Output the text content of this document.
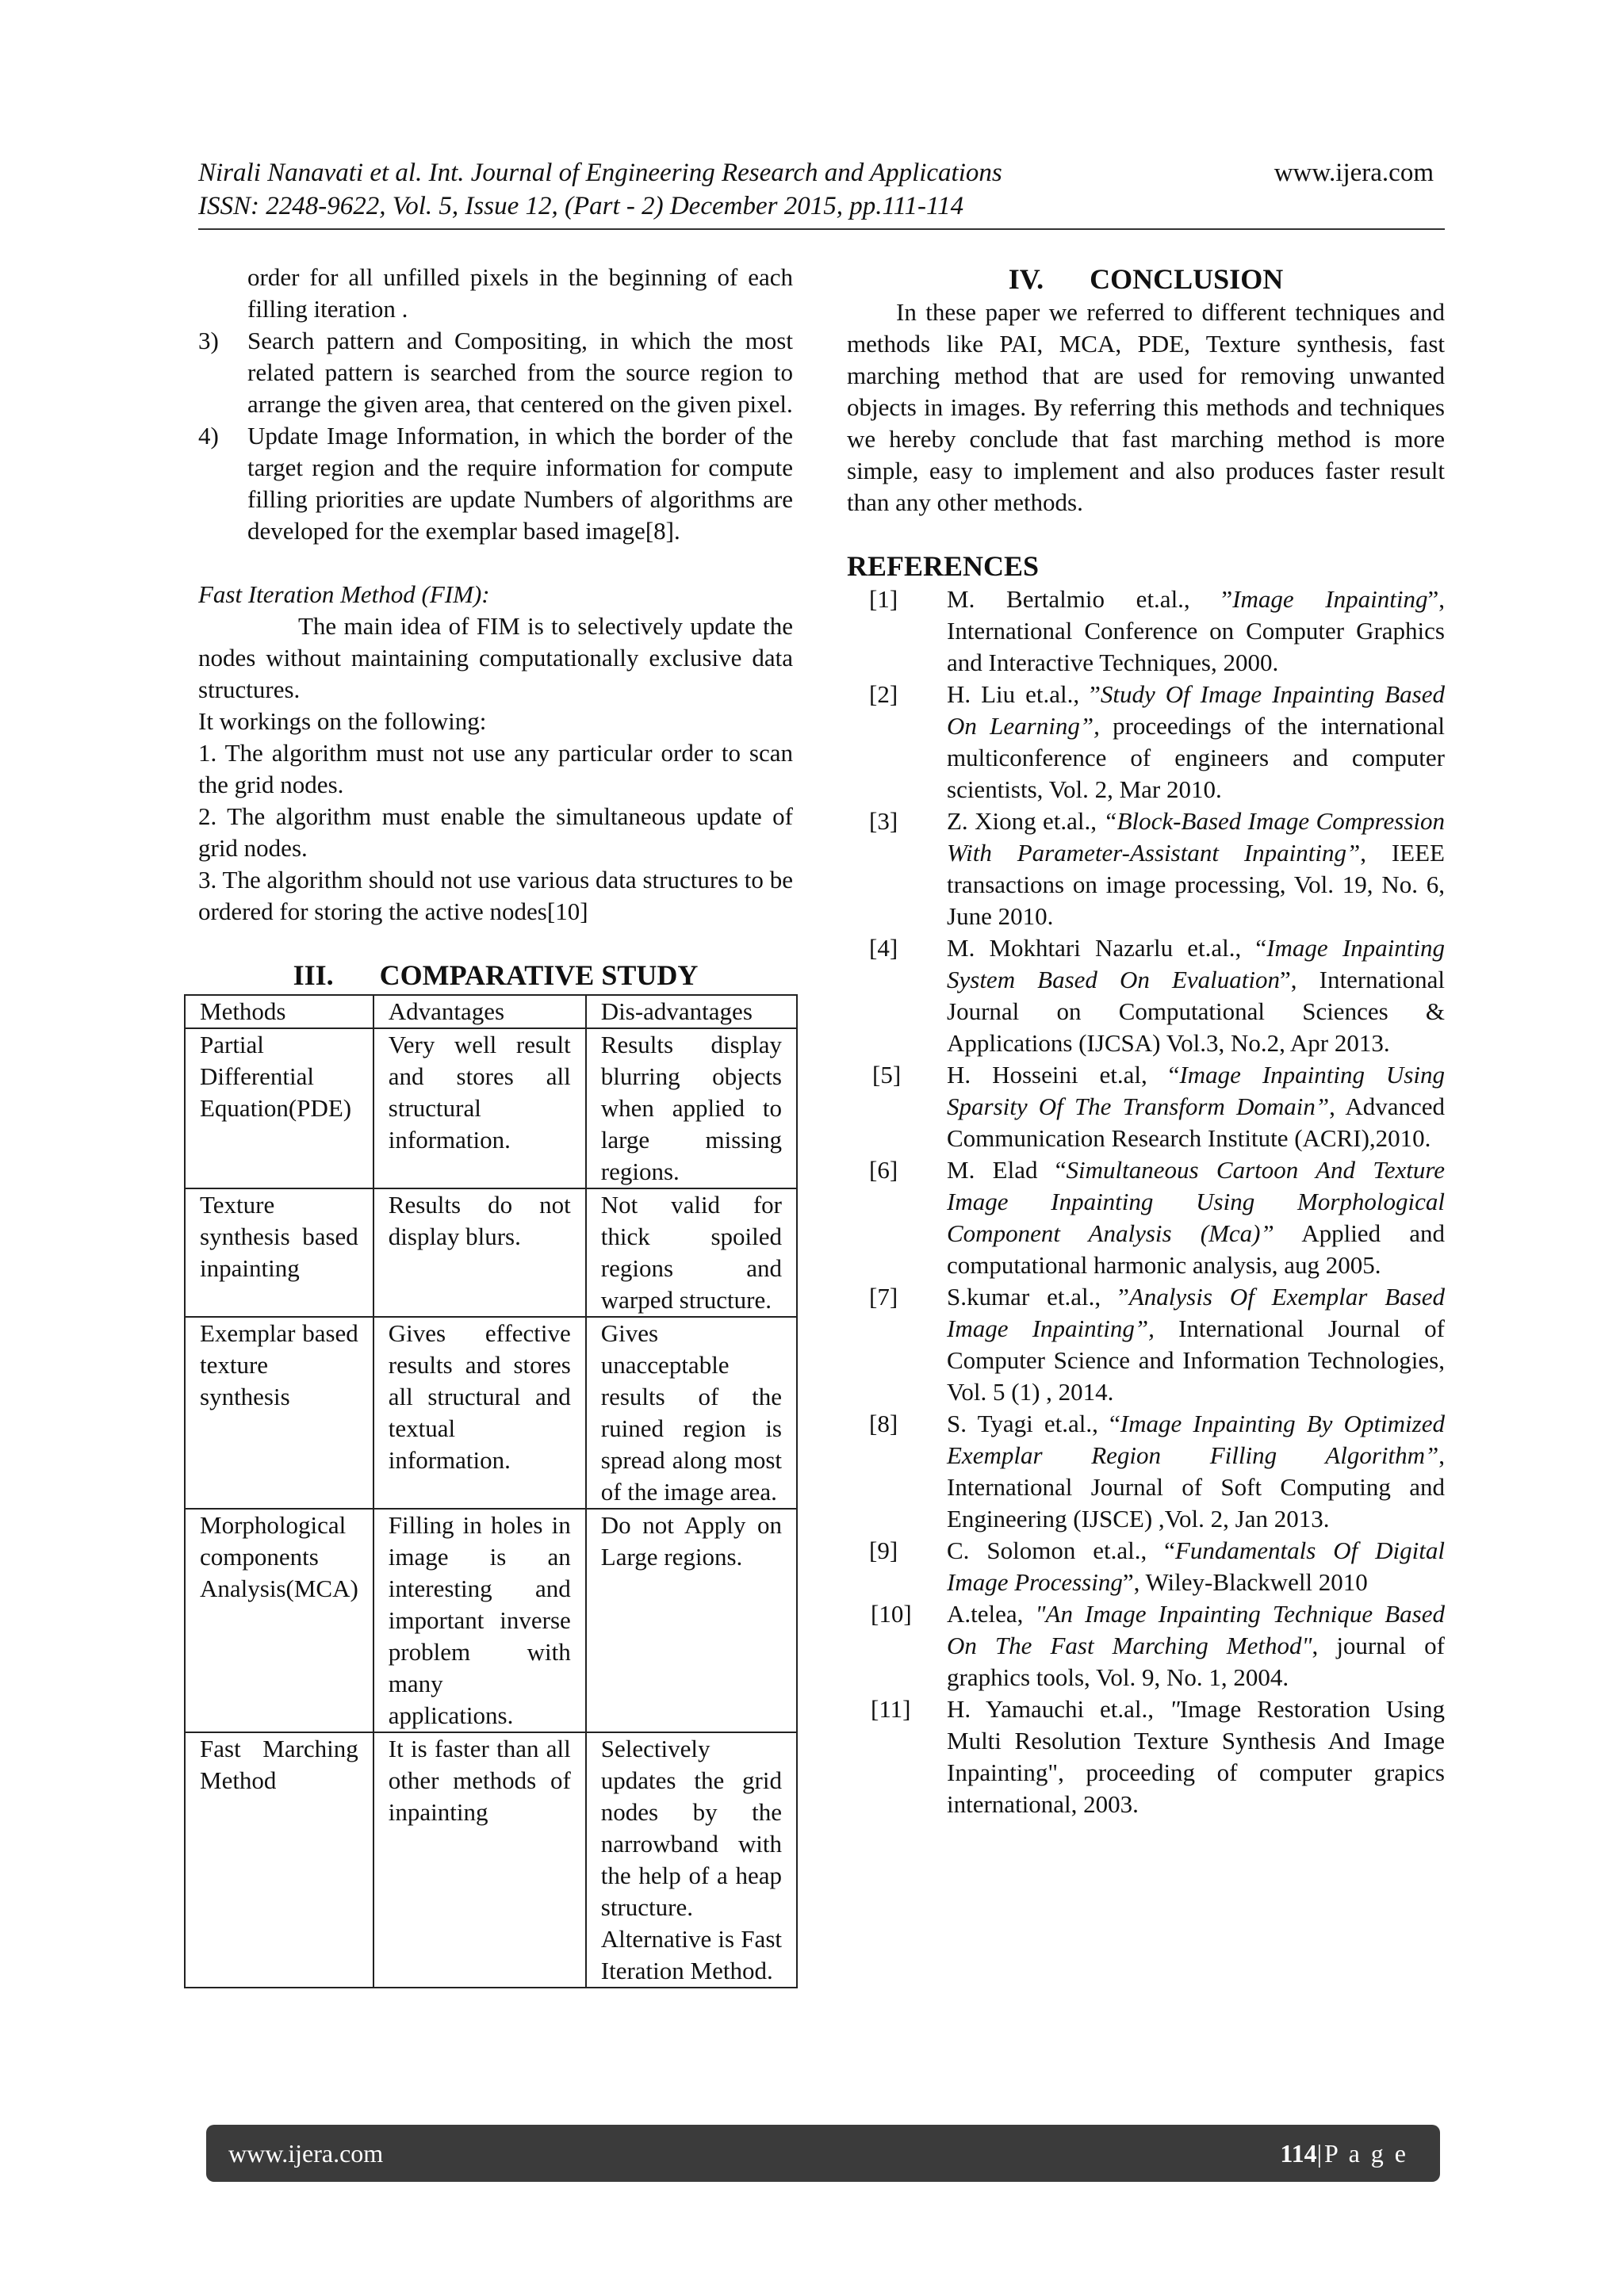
Nirali Nanavati et al. Int. Journal of Engineering Research and Applications	www.ijera.com
ISSN: 2248-9622, Vol. 5, Issue 12, (Part - 2) December 2015, pp.111-114

order for all unfilled pixels in the beginning of each filling iteration .

3) Search pattern and Compositing, in which the most related pattern is searched from the source region to arrange the given area, that centered on the given pixel.
4) Update Image Information, in which the border of the target region and the require information for compute filling priorities are update Numbers of algorithms are developed for the exemplar based image[8].

Fast Iteration Method (FIM):

The main idea of FIM is to selectively update the nodes without maintaining computationally exclusive data structures.

It workings on the following:

1. The algorithm must not use any particular order to scan the grid nodes.

2. The algorithm must enable the simultaneous update of grid nodes.

3. The algorithm should not use various data structures to be ordered for storing the active nodes[10]

III. COMPARATIVE STUDY
Methods	Advantages	Dis-advantages
Partial Differential Equation(PDE)	Very well result and stores all structural information.	Results display blurring objects when applied to large missing regions.
Texture synthesis based inpainting	Results do not display blurs.	Not valid for thick spoiled regions and warped structure.
Exemplar based texture synthesis	Gives effective results and stores all structural and textual information.	Gives unacceptable results of the ruined region is spread along most of the image area.
Morphological components Analysis(MCA)	Filling in holes in image is an interesting and important inverse problem with many applications.	Do not Apply on Large regions.
Fast Marching Method	It is faster than all other methods of inpainting	Selectively updates the grid nodes by the narrowband with the help of a heap structure. Alternative is Fast Iteration Method.
IV. CONCLUSION

In these paper we referred to different techniques and methods like PAI, MCA, PDE, Texture synthesis, fast marching method that are used for removing unwanted objects in images. By referring this methods and techniques we hereby conclude that fast marching method is more simple, easy to implement and also produces faster result than any other methods.

REFERENCES
[1] M. Bertalmio et.al., ”Image Inpainting”, International Conference on Computer Graphics and Interactive Techniques, 2000.
[2] H. Liu et.al., ”Study Of Image Inpainting Based On Learning”, proceedings of the international multiconference of engineers and computer scientists, Vol. 2, Mar 2010.
[3] Z. Xiong et.al., “Block-Based Image Compression With Parameter-Assistant Inpainting”, IEEE transactions on image processing, Vol. 19, No. 6, June 2010.
[4] M. Mokhtari Nazarlu et.al., “Image Inpainting System Based On Evaluation”, International Journal on Computational Sciences & Applications (IJCSA) Vol.3, No.2, Apr 2013.
[5] H. Hosseini et.al, “Image Inpainting Using Sparsity Of The Transform Domain”, Advanced Communication Research Institute (ACRI),2010.
[6] M. Elad “Simultaneous Cartoon And Texture Image Inpainting Using Morphological Component Analysis (Mca)” Applied and computational harmonic analysis, aug 2005.
[7] S.kumar et.al., ”Analysis Of Exemplar Based Image Inpainting”, International Journal of Computer Science and Information Technologies, Vol. 5 (1) , 2014.
[8] S. Tyagi et.al., “Image Inpainting By Optimized Exemplar Region Filling Algorithm”, International Journal of Soft Computing and Engineering (IJSCE) ,Vol. 2, Jan 2013.
[9] C. Solomon et.al., “Fundamentals Of Digital Image Processing”, Wiley-Blackwell 2010
[10] A.telea, "An Image Inpainting Technique Based On The Fast Marching Method", journal of graphics tools, Vol. 9, No. 1, 2004.
[11] H. Yamauchi et.al., "Image Restoration Using Multi Resolution Texture Synthesis And Image Inpainting", proceeding of computer grapics international, 2003.
www.ijera.com	114|P a g e
